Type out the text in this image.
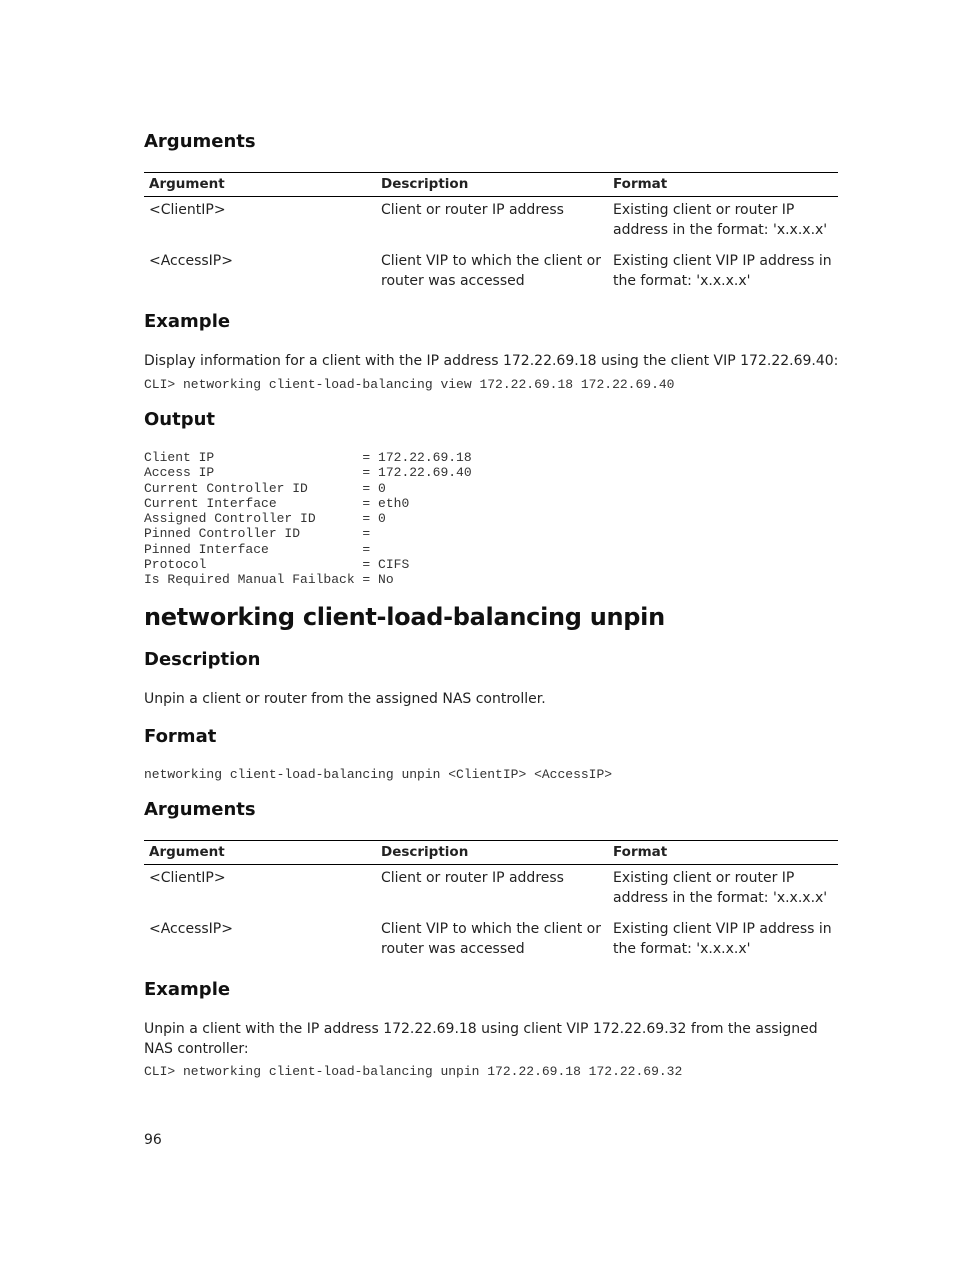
Arguments
Argument	Description	Format
<ClientIP>	Client or router IP address	Existing client or router IP address in the format: 'x.x.x.x'
<AccessIP>	Client VIP to which the client or router was accessed	Existing client VIP IP address in the format: 'x.x.x.x'
Example

Display information for a client with the IP address 172.22.69.18 using the client VIP 172.22.69.40:

CLI> networking client-load-balancing view 172.22.69.18 172.22.69.40
Output
Client IP                   = 172.22.69.18
Access IP                   = 172.22.69.40
Current Controller ID       = 0
Current Interface           = eth0
Assigned Controller ID      = 0
Pinned Controller ID        =
Pinned Interface            =
Protocol                    = CIFS
Is Required Manual Failback = No
networking client-load-balancing unpin
Description

Unpin a client or router from the assigned NAS controller.

Format
networking client-load-balancing unpin <ClientIP> <AccessIP>
Arguments
Argument	Description	Format
<ClientIP>	Client or router IP address	Existing client or router IP address in the format: 'x.x.x.x'
<AccessIP>	Client VIP to which the client or router was accessed	Existing client VIP IP address in the format: 'x.x.x.x'
Example

Unpin a client with the IP address 172.22.69.18 using client VIP 172.22.69.32 from the assigned NAS controller:

CLI> networking client-load-balancing unpin 172.22.69.18 172.22.69.32
96
